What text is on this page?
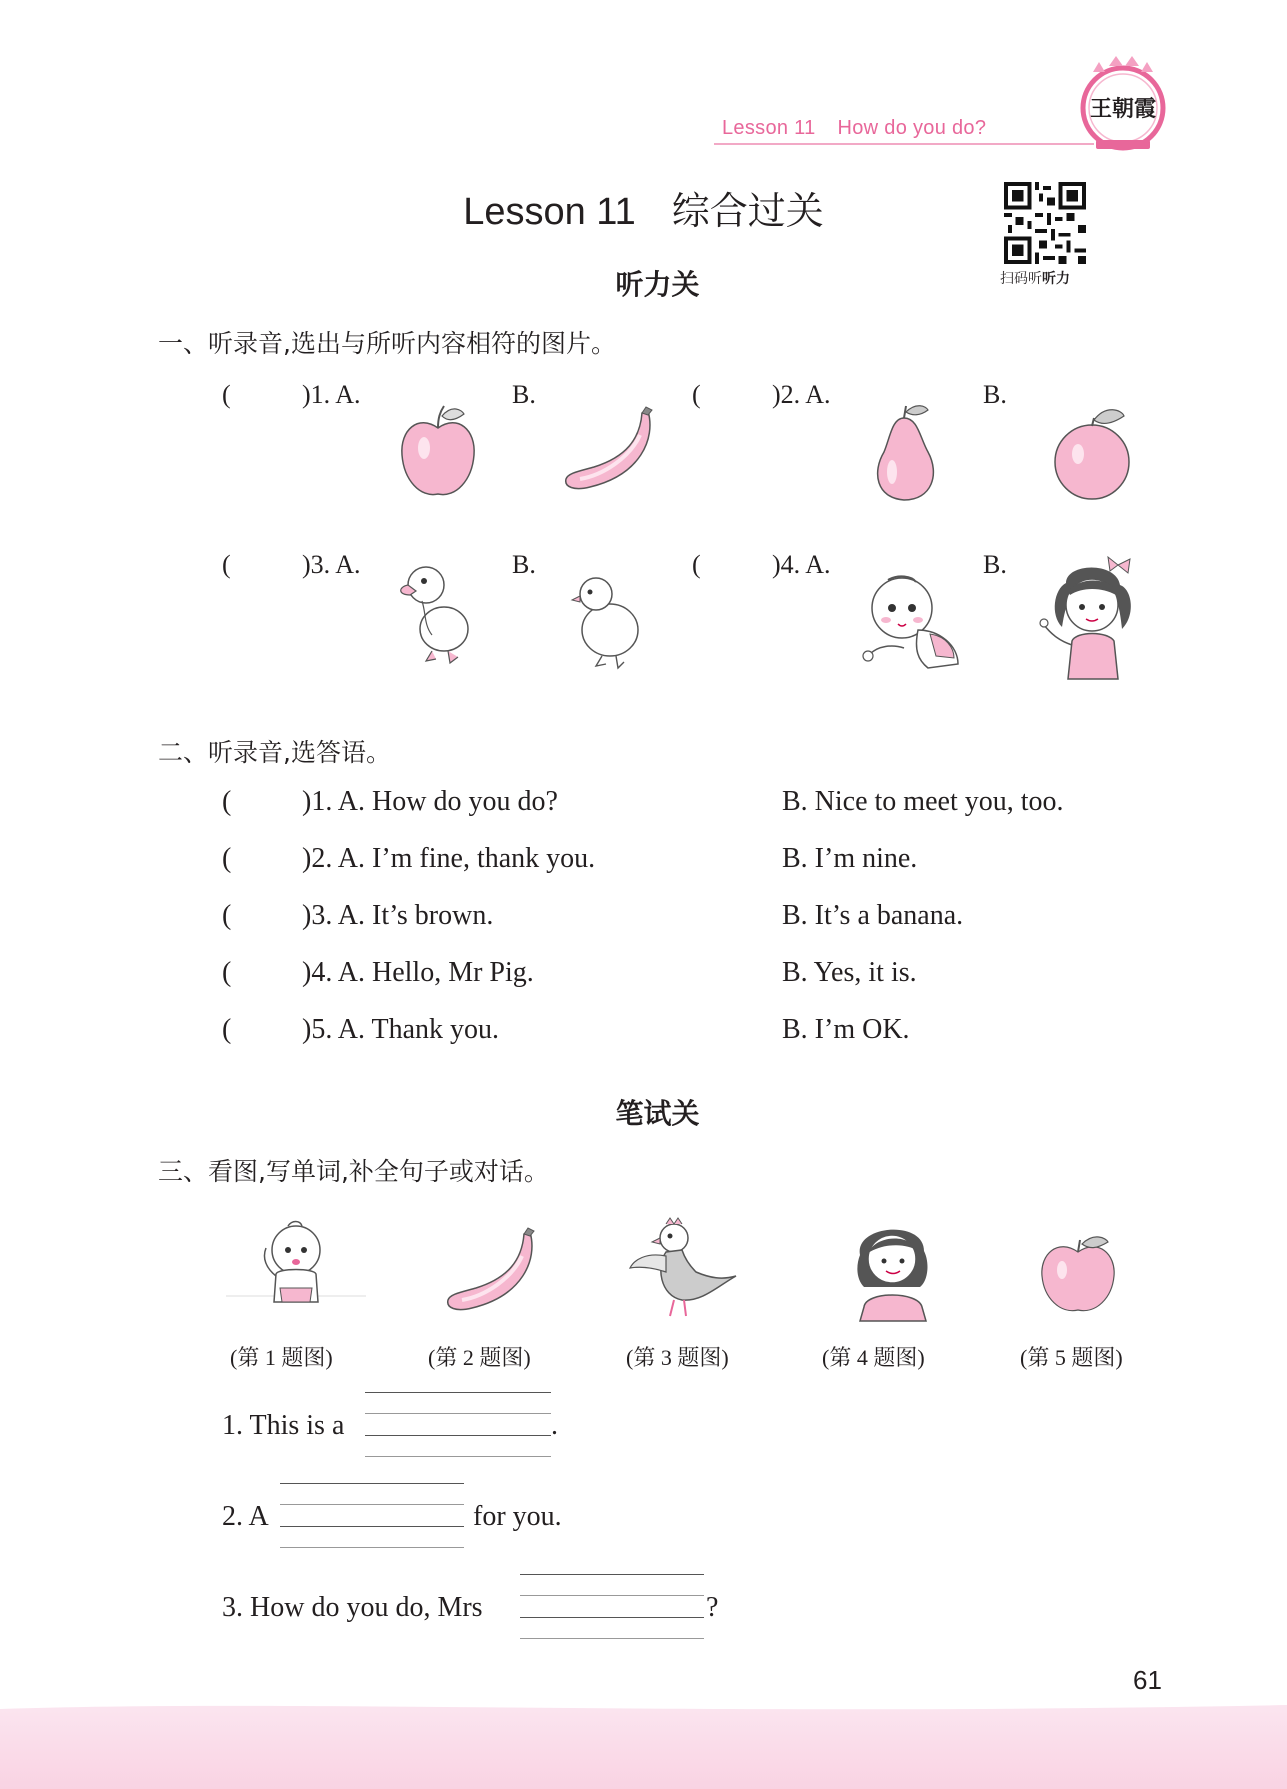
Lesson 11 How do you do?
王朝霞
Lesson 11 综合过关
扫码听听力
听力关
一、听录音,选出与所听内容相符的图片。
(	)1. A.	B.	(	)2. A.	B.
(	)3. A.	B.	(	)4. A.	B.
二、听录音,选答语。
(	)1. A. How do you do?	B. Nice to meet you, too.
(	)2. A. I’m fine, thank you.	B. I’m nine.
(	)3. A. It’s brown.	B. It’s a banana.
(	)4. A. Hello, Mr Pig.	B. Yes, it is.
(	)5. A. Thank you.	B. I’m OK.
笔试关
三、看图,写单词,补全句子或对话。
(第 1 题图)	(第 2 题图)	(第 3 题图)	(第 4 题图)	(第 5 题图)
1. This is a	.
2. A	for you.
3. How do you do, Mrs	?
61
